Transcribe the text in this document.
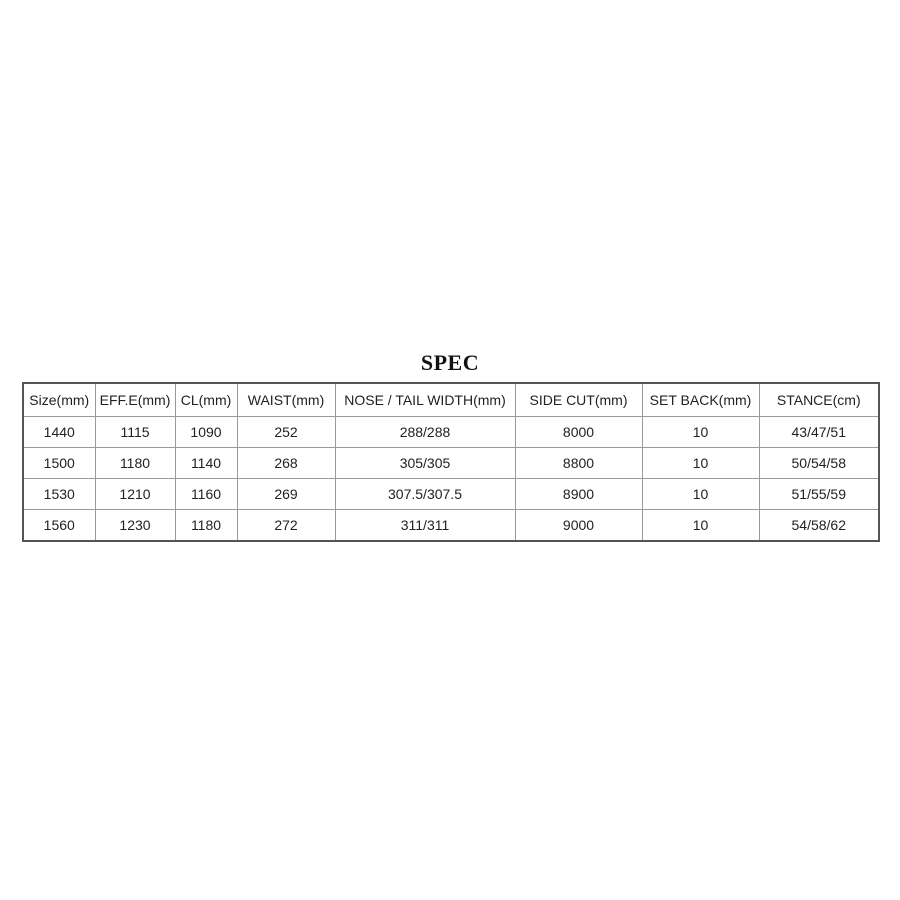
SPEC
Size(mm)	EFF.E(mm)	CL(mm)	WAIST(mm)	NOSE / TAIL WIDTH(mm)	SIDE CUT(mm)	SET BACK(mm)	STANCE(cm)
1440	1115	1090	252	288/288	8000	10	43/47/51
1500	1180	1140	268	305/305	8800	10	50/54/58
1530	1210	1160	269	307.5/307.5	8900	10	51/55/59
1560	1230	1180	272	311/311	9000	10	54/58/62
